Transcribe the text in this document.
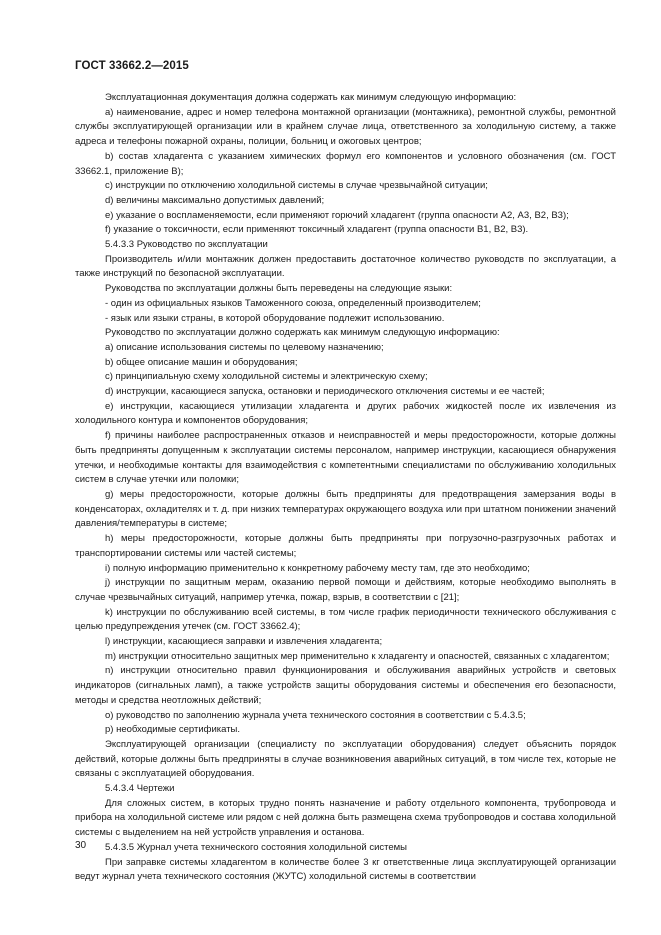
ГОСТ 33662.2—2015

Эксплуатационная документация должна содержать как минимум следующую информацию:

a) наименование, адрес и номер телефона монтажной организации (монтажника), ремонтной службы, ремонтной службы эксплуатирующей организации или в крайнем случае лица, ответственного за холодильную систему, а также адреса и телефоны пожарной охраны, полиции, больниц и ожоговых центров;

b) состав хладагента с указанием химических формул его компонентов и условного обозначения (см. ГОСТ 33662.1, приложение В);

c) инструкции по отключению холодильной системы в случае чрезвычайной ситуации;

d) величины максимально допустимых давлений;

e) указание о воспламеняемости, если применяют горючий хладагент (группа опасности А2, А3, В2, В3);

f) указание о токсичности, если применяют токсичный хладагент (группа опасности В1, В2, В3).

5.4.3.3 Руководство по эксплуатации

Производитель и/или монтажник должен предоставить достаточное количество руководств по эксплуатации, а также инструкций по безопасной эксплуатации.

Руководства по эксплуатации должны быть переведены на следующие языки:

- один из официальных языков Таможенного союза, определенный производителем;

- язык или языки страны, в которой оборудование подлежит использованию.

Руководство по эксплуатации должно содержать как минимум следующую информацию:

a) описание использования системы по целевому назначению;

b) общее описание машин и оборудования;

c) принципиальную схему холодильной системы и электрическую схему;

d) инструкции, касающиеся запуска, остановки и периодического отключения системы и ее частей;

e) инструкции, касающиеся утилизации хладагента и других рабочих жидкостей после их извлечения из холодильного контура и компонентов оборудования;

f) причины наиболее распространенных отказов и неисправностей и меры предосторожности, которые должны быть предприняты допущенным к эксплуатации системы персоналом, например инструкции, касающиеся обнаружения утечки, и необходимые контакты для взаимодействия с компетентными специалистами по обслуживанию холодильных систем в случае утечки или поломки;

g) меры предосторожности, которые должны быть предприняты для предотвращения замерзания воды в конденсаторах, охладителях и т. д. при низких температурах окружающего воздуха или при штатном понижении значений давления/температуры в системе;

h) меры предосторожности, которые должны быть предприняты при погрузочно-разгрузочных работах и транспортировании системы или частей системы;

i) полную информацию применительно к конкретному рабочему месту там, где это необходимо;

j) инструкции по защитным мерам, оказанию первой помощи и действиям, которые необходимо выполнять в случае чрезвычайных ситуаций, например утечка, пожар, взрыв, в соответствии с [21];

k) инструкции по обслуживанию всей системы, в том числе график периодичности технического обслуживания с целью предупреждения утечек (см. ГОСТ 33662.4);

l) инструкции, касающиеся заправки и извлечения хладагента;

m) инструкции относительно защитных мер применительно к хладагенту и опасностей, связанных с хладагентом;

n) инструкции относительно правил функционирования и обслуживания аварийных устройств и световых индикаторов (сигнальных ламп), а также устройств защиты оборудования системы и обеспечения его безопасности, методы и средства неотложных действий;

o) руководство по заполнению журнала учета технического состояния в соответствии с 5.4.3.5;

p) необходимые сертификаты.

Эксплуатирующей организации (специалисту по эксплуатации оборудования) следует объяснить порядок действий, которые должны быть предприняты в случае возникновения аварийных ситуаций, в том числе тех, которые не связаны с эксплуатацией оборудования.

5.4.3.4 Чертежи

Для сложных систем, в которых трудно понять назначение и работу отдельного компонента, трубопровода и прибора на холодильной системе или рядом с ней должна быть размещена схема трубопроводов и состава холодильной системы с выделением на ней устройств управления и останова.

5.4.3.5 Журнал учета технического состояния холодильной системы

При заправке системы хладагентом в количестве более 3 кг ответственные лица эксплуатирующей организации ведут журнал учета технического состояния (ЖУТС) холодильной системы в соответствии

30
